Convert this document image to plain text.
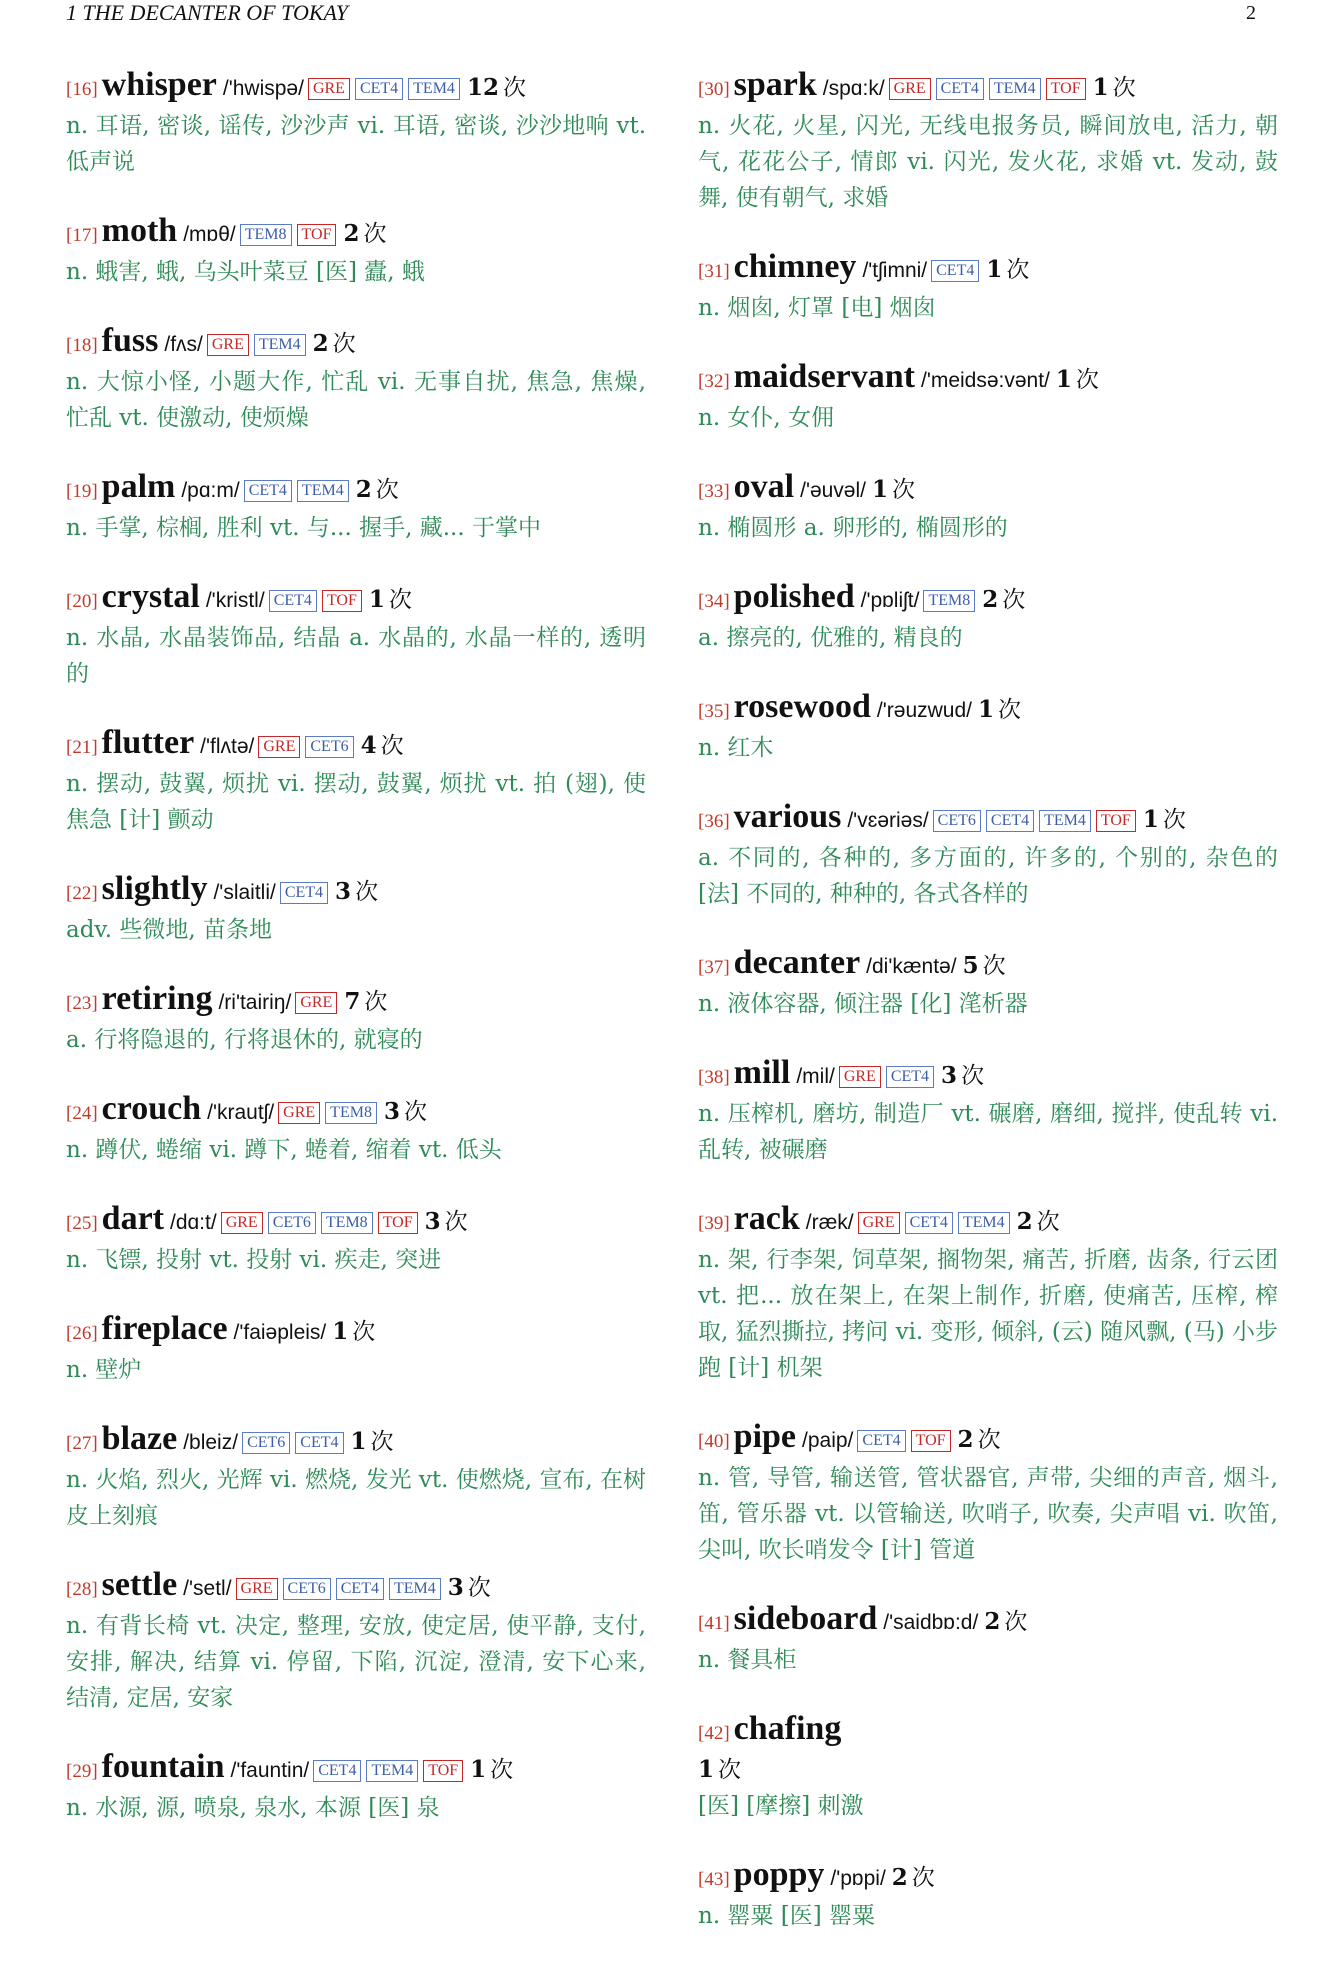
1 THE DECANTER OF TOKAY	2
[16] whisper /'hwispə/ GRE CET4 TEM4 12 次
n. 耳语, 密谈, 谣传, 沙沙声 vi. 耳语, 密谈, 沙沙地响 vt. 低声说
[17] moth /mɒθ/ TEM8 TOF 2 次
n. 蛾害, 蛾, 乌头叶菜豆 [医] 蠹, 蛾
[18] fuss /fʌs/ GRE TEM4 2 次
n. 大惊小怪, 小题大作, 忙乱 vi. 无事自扰, 焦急, 焦燥, 忙乱 vt. 使激动, 使烦燥
[19] palm /pɑ:m/ CET4 TEM4 2 次
n. 手掌, 棕榈, 胜利 vt. 与... 握手, 藏... 于掌中
[20] crystal /'kristl/ CET4 TOF 1 次
n. 水晶, 水晶装饰品, 结晶 a. 水晶的, 水晶一样的, 透明的
[21] flutter /'flʌtə/ GRE CET6 4 次
n. 摆动, 鼓翼, 烦扰 vi. 摆动, 鼓翼, 烦扰 vt. 拍 (翅), 使焦急 [计] 颤动
[22] slightly /'slaitli/ CET4 3 次
adv. 些微地, 苗条地
[23] retiring /ri'tairiŋ/ GRE 7 次
a. 行将隐退的, 行将退休的, 就寝的
[24] crouch /'krautʃ/ GRE TEM8 3 次
n. 蹲伏, 蜷缩 vi. 蹲下, 蜷着, 缩着 vt. 低头
[25] dart /dɑ:t/ GRE CET6 TEM8 TOF 3 次
n. 飞镖, 投射 vt. 投射 vi. 疾走, 突进
[26] fireplace /'faiəpleis/ 1 次
n. 壁炉
[27] blaze /bleiz/ CET6 CET4 1 次
n. 火焰, 烈火, 光辉 vi. 燃烧, 发光 vt. 使燃烧, 宣布, 在树皮上刻痕
[28] settle /'setl/ GRE CET6 CET4 TEM4 3 次
n. 有背长椅 vt. 决定, 整理, 安放, 使定居, 使平静, 支付, 安排, 解决, 结算 vi. 停留, 下陷, 沉淀, 澄清, 安下心来, 结清, 定居, 安家
[29] fountain /'fauntin/ CET4 TEM4 TOF 1 次
n. 水源, 源, 喷泉, 泉水, 本源 [医] 泉
[30] spark /spɑ:k/ GRE CET4 TEM4 TOF 1 次
n. 火花, 火星, 闪光, 无线电报务员, 瞬间放电, 活力, 朝气, 花花公子, 情郎 vi. 闪光, 发火花, 求婚 vt. 发动, 鼓舞, 使有朝气, 求婚
[31] chimney /'tʃimni/ CET4 1 次
n. 烟囱, 灯罩 [电] 烟囱
[32] maidservant /'meidsə:vənt/ 1 次
n. 女仆, 女佣
[33] oval /'əuvəl/ 1 次
n. 椭圆形 a. 卵形的, 椭圆形的
[34] polished /'pɒliʃt/ TEM8 2 次
a. 擦亮的, 优雅的, 精良的
[35] rosewood /'rəuzwud/ 1 次
n. 红木
[36] various /'vɛəriəs/ CET6 CET4 TEM4 TOF 1 次
a. 不同的, 各种的, 多方面的, 许多的, 个别的, 杂色的 [法] 不同的, 种种的, 各式各样的
[37] decanter /di'kæntə/ 5 次
n. 液体容器, 倾注器 [化] 滗析器
[38] mill /mil/ GRE CET4 3 次
n. 压榨机, 磨坊, 制造厂 vt. 碾磨, 磨细, 搅拌, 使乱转 vi. 乱转, 被碾磨
[39] rack /ræk/ GRE CET4 TEM4 2 次
n. 架, 行李架, 饲草架, 搁物架, 痛苦, 折磨, 齿条, 行云团 vt. 把... 放在架上, 在架上制作, 折磨, 使痛苦, 压榨, 榨取, 猛烈撕拉, 拷问 vi. 变形, 倾斜, (云) 随风飘, (马) 小步跑 [计] 机架
[40] pipe /paip/ CET4 TOF 2 次
n. 管, 导管, 输送管, 管状器官, 声带, 尖细的声音, 烟斗, 笛, 管乐器 vt. 以管输送, 吹哨子, 吹奏, 尖声唱 vi. 吹笛, 尖叫, 吹长哨发令 [计] 管道
[41] sideboard /'saidbɒ:d/ 2 次
n. 餐具柜
[42] chafing
1 次
[医] [摩擦] 刺激
[43] poppy /'pɒpi/ 2 次
n. 罂粟 [医] 罂粟
